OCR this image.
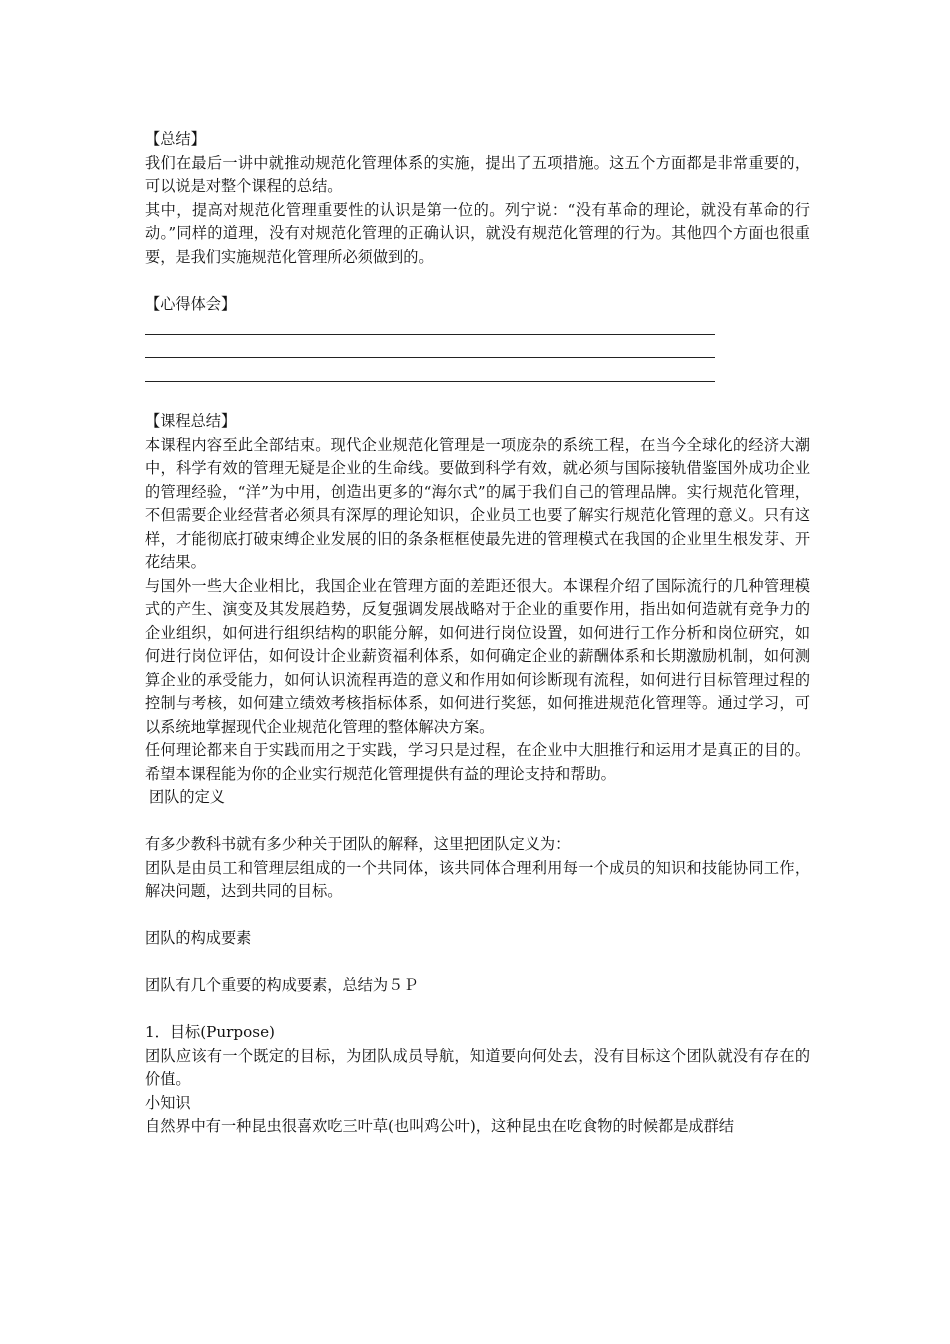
【总结】

我们在最后一讲中就推动规范化管理体系的实施，提出了五项措施。这五个方面都是非常重要的，可以说是对整个课程的总结。

其中，提高对规范化管理重要性的认识是第一位的。列宁说：“没有革命的理论，就没有革命的行动。”同样的道理，没有对规范化管理的正确认识，就没有规范化管理的行为。其他四个方面也很重要，是我们实施规范化管理所必须做到的。

【心得体会】

【课程总结】

本课程内容至此全部结束。现代企业规范化管理是一项庞杂的系统工程，在当今全球化的经济大潮中，科学有效的管理无疑是企业的生命线。要做到科学有效，就必须与国际接轨借鉴国外成功企业的管理经验，“洋”为中用，创造出更多的“海尔式”的属于我们自己的管理品牌。实行规范化管理，不但需要企业经营者必须具有深厚的理论知识，企业员工也要了解实行规范化管理的意义。只有这样，才能彻底打破束缚企业发展的旧的条条框框使最先进的管理模式在我国的企业里生根发芽、开花结果。

与国外一些大企业相比，我国企业在管理方面的差距还很大。本课程介绍了国际流行的几种管理模式的产生、演变及其发展趋势，反复强调发展战略对于企业的重要作用，指出如何造就有竞争力的企业组织，如何进行组织结构的职能分解，如何进行岗位设置，如何进行工作分析和岗位研究，如何进行岗位评估，如何设计企业薪资福利体系，如何确定企业的薪酬体系和长期激励机制，如何测算企业的承受能力，如何认识流程再造的意义和作用如何诊断现有流程，如何进行目标管理过程的控制与考核，如何建立绩效考核指标体系，如何进行奖惩，如何推进规范化管理等。通过学习，可以系统地掌握现代企业规范化管理的整体解决方案。

任何理论都来自于实践而用之于实践，学习只是过程，在企业中大胆推行和运用才是真正的目的。希望本课程能为你的企业实行规范化管理提供有益的理论支持和帮助。

团队的定义

有多少教科书就有多少种关于团队的解释，这里把团队定义为：

团队是由员工和管理层组成的一个共同体，该共同体合理利用每一个成员的知识和技能协同工作，解决问题，达到共同的目标。

团队的构成要素

团队有几个重要的构成要素，总结为５Ｐ

1．目标(Purpose)

团队应该有一个既定的目标，为团队成员导航，知道要向何处去，没有目标这个团队就没有存在的价值。

小知识

自然界中有一种昆虫很喜欢吃三叶草(也叫鸡公叶)，这种昆虫在吃食物的时候都是成群结
